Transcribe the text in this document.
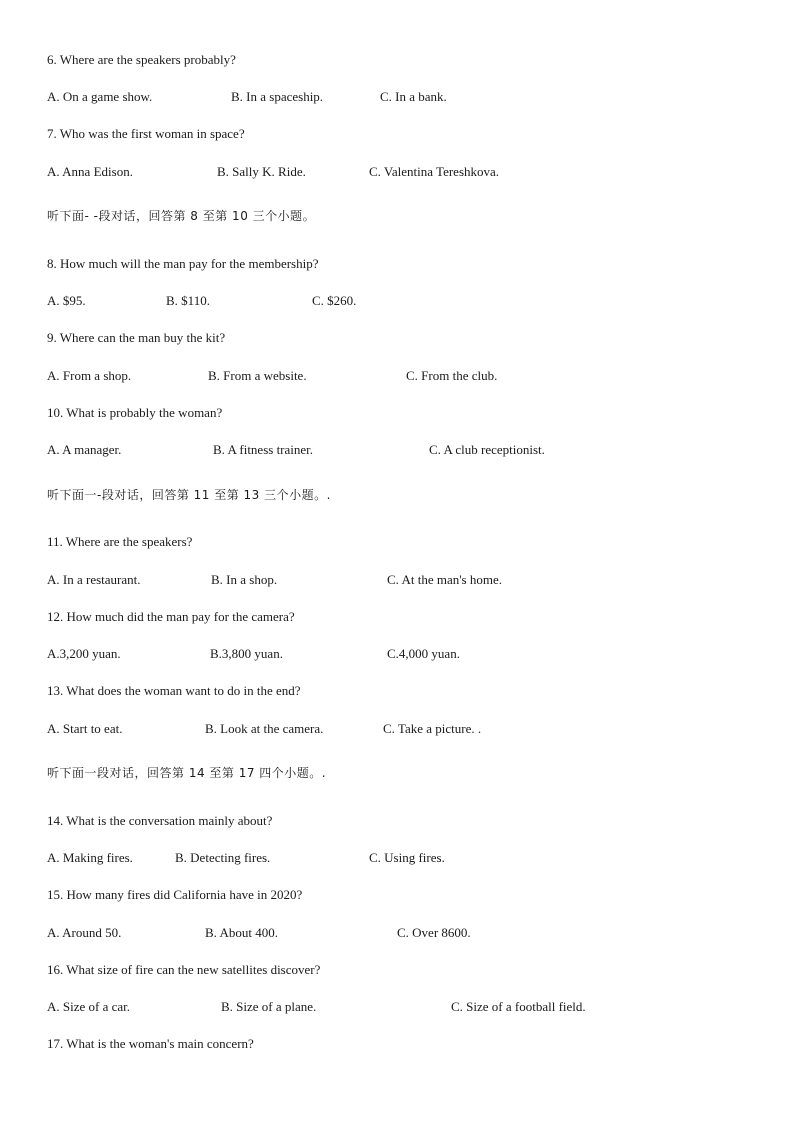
6. Where are the speakers probably?
A. On a game show.	B. In a spaceship.	C. In a bank.
7. Who was the first woman in space?
A. Anna Edison.	B. Sally K. Ride.	C. Valentina Tereshkova.
听下面- -段对话，回答第 8 至第 10 三个小题。
8. How much will the man pay for the membership?
A. $95.	B. $110.	C. $260.
9. Where can the man buy the kit?
A. From a shop.	B. From a website.	C. From the club.
10. What is probably the woman?
A. A manager.	B. A fitness trainer.	C. A club receptionist.
听下面一-段对话，回答第 11 至第 13 三个小题。.
11. Where are the speakers?
A. In a restaurant.	B. In a shop.	C. At the man's home.
12. How much did the man pay for the camera?
A.3,200 yuan.	B.3,800 yuan.	C.4,000 yuan.
13. What does the woman want to do in the end?
A. Start to eat.	B. Look at the camera.	C. Take a picture. .
听下面一段对话，回答第 14 至第 17 四个小题。.
14. What is the conversation mainly about?
A. Making fires.	B. Detecting fires.	C. Using fires.
15. How many fires did California have in 2020?
A. Around 50.	B. About 400.	C. Over 8600.
16. What size of fire can the new satellites discover?
A. Size of a car.	B. Size of a plane.	C. Size of a football field.
17. What is the woman's main concern?
